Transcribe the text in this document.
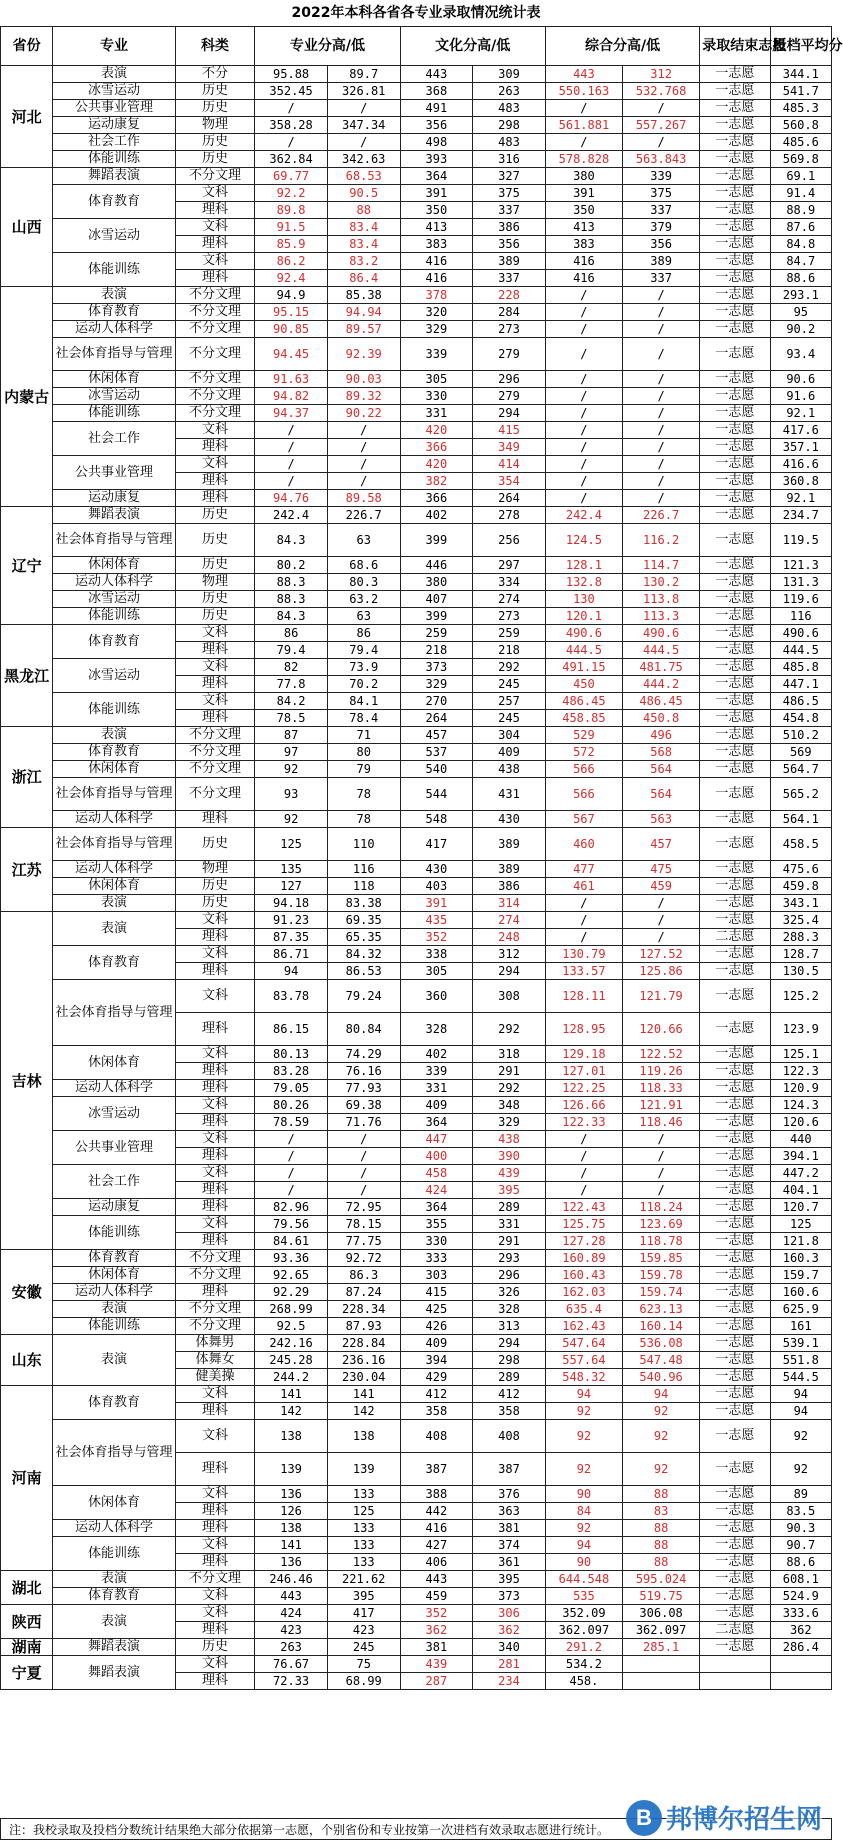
2022年本科各省各专业录取情况统计表
省份	专业	科类	专业分高/低		文化分高/低		综合分高/低		录取结束志愿	投档平均分
河北	表演	不分	95.88	89.7	443	309	443	312	一志愿	344.1
	冰雪运动	历史	352.45	326.81	368	263	550.163	532.768	一志愿	541.7
	公共事业管理	历史	/	/	491	483	/	/	一志愿	485.3
	运动康复	物理	358.28	347.34	356	298	561.881	557.267	一志愿	560.8
	社会工作	历史	/	/	498	483	/	/	一志愿	485.6
	体能训练	历史	362.84	342.63	393	316	578.828	563.843	一志愿	569.8
山西	舞蹈表演	不分文理	69.77	68.53	364	327	380	339	一志愿	69.1
	体育教育	文科	92.2	90.5	391	375	391	375	一志愿	91.4
		理科	89.8	88	350	337	350	337	一志愿	88.9
	冰雪运动	文科	91.5	83.4	413	386	413	379	一志愿	87.6
		理科	85.9	83.4	383	356	383	356	一志愿	84.8
	体能训练	文科	86.2	83.2	416	389	416	389	一志愿	84.7
		理科	92.4	86.4	416	337	416	337	一志愿	88.6
内蒙古	表演	不分文理	94.9	85.38	378	228	/	/	一志愿	293.1
	体育教育	不分文理	95.15	94.94	320	284	/	/	一志愿	95
	运动人体科学	不分文理	90.85	89.57	329	273	/	/	一志愿	90.2
	社会体育指导与管理	不分文理	94.45	92.39	339	279	/	/	一志愿	93.4
	休闲体育	不分文理	91.63	90.03	305	296	/	/	一志愿	90.6
	冰雪运动	不分文理	94.82	89.32	330	279	/	/	一志愿	91.6
	体能训练	不分文理	94.37	90.22	331	294	/	/	一志愿	92.1
	社会工作	文科	/	/	420	415	/	/	一志愿	417.6
		理科	/	/	366	349	/	/	一志愿	357.1
	公共事业管理	文科	/	/	420	414	/	/	一志愿	416.6
		理科	/	/	382	354	/	/	一志愿	360.8
	运动康复	理科	94.76	89.58	366	264	/	/	一志愿	92.1
辽宁	舞蹈表演	历史	242.4	226.7	402	278	242.4	226.7	一志愿	234.7
	社会体育指导与管理	历史	84.3	63	399	256	124.5	116.2	一志愿	119.5
	休闲体育	历史	80.2	68.6	446	297	128.1	114.7	一志愿	121.3
	运动人体科学	物理	88.3	80.3	380	334	132.8	130.2	一志愿	131.3
	冰雪运动	历史	88.3	63.2	407	274	130	113.8	一志愿	119.6
	体能训练	历史	84.3	63	399	273	120.1	113.3	一志愿	116
黑龙江	体育教育	文科	86	86	259	259	490.6	490.6	一志愿	490.6
		理科	79.4	79.4	218	218	444.5	444.5	一志愿	444.5
	冰雪运动	文科	82	73.9	373	292	491.15	481.75	一志愿	485.8
		理科	77.8	70.2	329	245	450	444.2	一志愿	447.1
	体能训练	文科	84.2	84.1	270	257	486.45	486.45	一志愿	486.5
		理科	78.5	78.4	264	245	458.85	450.8	一志愿	454.8
浙江	表演	不分文理	87	71	457	304	529	496	一志愿	510.2
	体育教育	不分文理	97	80	537	409	572	568	一志愿	569
	休闲体育	不分文理	92	79	540	438	566	564	一志愿	564.7
	社会体育指导与管理	不分文理	93	78	544	431	566	564	一志愿	565.2
	运动人体科学	理科	92	78	548	430	567	563	一志愿	564.1
江苏	社会体育指导与管理	历史	125	110	417	389	460	457	一志愿	458.5
	运动人体科学	物理	135	116	430	389	477	475	一志愿	475.6
	休闲体育	历史	127	118	403	386	461	459	一志愿	459.8
	表演	历史	94.18	83.38	391	314	/	/	一志愿	343.1
吉林	表演	文科	91.23	69.35	435	274	/	/	一志愿	325.4
		理科	87.35	65.35	352	248	/	/	二志愿	288.3
	体育教育	文科	86.71	84.32	338	312	130.79	127.52	一志愿	128.7
		理科	94	86.53	305	294	133.57	125.86	一志愿	130.5
	社会体育指导与管理	文科	83.78	79.24	360	308	128.11	121.79	一志愿	125.2
		理科	86.15	80.84	328	292	128.95	120.66	一志愿	123.9
	休闲体育	文科	80.13	74.29	402	318	129.18	122.52	一志愿	125.1
		理科	83.28	76.16	339	291	127.01	119.26	一志愿	122.3
	运动人体科学	理科	79.05	77.93	331	292	122.25	118.33	一志愿	120.9
	冰雪运动	文科	80.26	69.38	409	348	126.66	121.91	一志愿	124.3
		理科	78.59	71.76	364	329	122.33	118.46	一志愿	120.6
	公共事业管理	文科	/	/	447	438	/	/	一志愿	440
		理科	/	/	400	390	/	/	一志愿	394.1
	社会工作	文科	/	/	458	439	/	/	一志愿	447.2
		理科	/	/	424	395	/	/	一志愿	404.1
	运动康复	理科	82.96	72.95	364	289	122.43	118.24	一志愿	120.7
	体能训练	文科	79.56	78.15	355	331	125.75	123.69	一志愿	125
		理科	84.61	77.75	330	291	127.28	118.78	一志愿	121.8
安徽	体育教育	不分文理	93.36	92.72	333	293	160.89	159.85	一志愿	160.3
	休闲体育	不分文理	92.65	86.3	303	296	160.43	159.78	一志愿	159.7
	运动人体科学	理科	92.29	87.24	415	326	162.03	159.74	一志愿	160.6
	表演	不分文理	268.99	228.34	425	328	635.4	623.13	一志愿	625.9
	体能训练	不分文理	92.5	87.93	426	313	162.43	160.14	一志愿	161
山东	表演	体舞男	242.16	228.84	409	294	547.64	536.08	一志愿	539.1
		体舞女	245.28	236.16	394	298	557.64	547.48	一志愿	551.8
		健美操	244.2	230.04	429	289	548.32	540.96	一志愿	544.5
河南	体育教育	文科	141	141	412	412	94	94	一志愿	94
		理科	142	142	358	358	92	92	一志愿	94
	社会体育指导与管理	文科	138	138	408	408	92	92	一志愿	92
		理科	139	139	387	387	92	92	一志愿	92
	休闲体育	文科	136	133	388	376	90	88	一志愿	89
		理科	126	125	442	363	84	83	一志愿	83.5
	运动人体科学	理科	138	133	416	381	92	88	一志愿	90.3
	体能训练	文科	141	133	427	374	94	88	一志愿	90.7
		理科	136	133	406	361	90	88	一志愿	88.6
湖北	表演	不分文理	246.46	221.62	443	395	644.548	595.024	一志愿	608.1
	体育教育	文科	443	395	459	373	535	519.75	一志愿	524.9
陕西	表演	文科	424	417	352	306	352.09	306.08	一志愿	333.6
		理科	423	423	362	362	362.097	362.097	二志愿	362
湖南	舞蹈表演	历史	263	245	381	340	291.2	285.1	一志愿	286.4
宁夏	舞蹈表演	文科	76.67	75	439	281	534.2			
		理科	72.33	68.99	287	234	458.			
注：我校录取及投档分数统计结果绝大部分依据第一志愿，个别省份和专业按第一次进档有效录取志愿进行统计。
B 邦博尔招生网
